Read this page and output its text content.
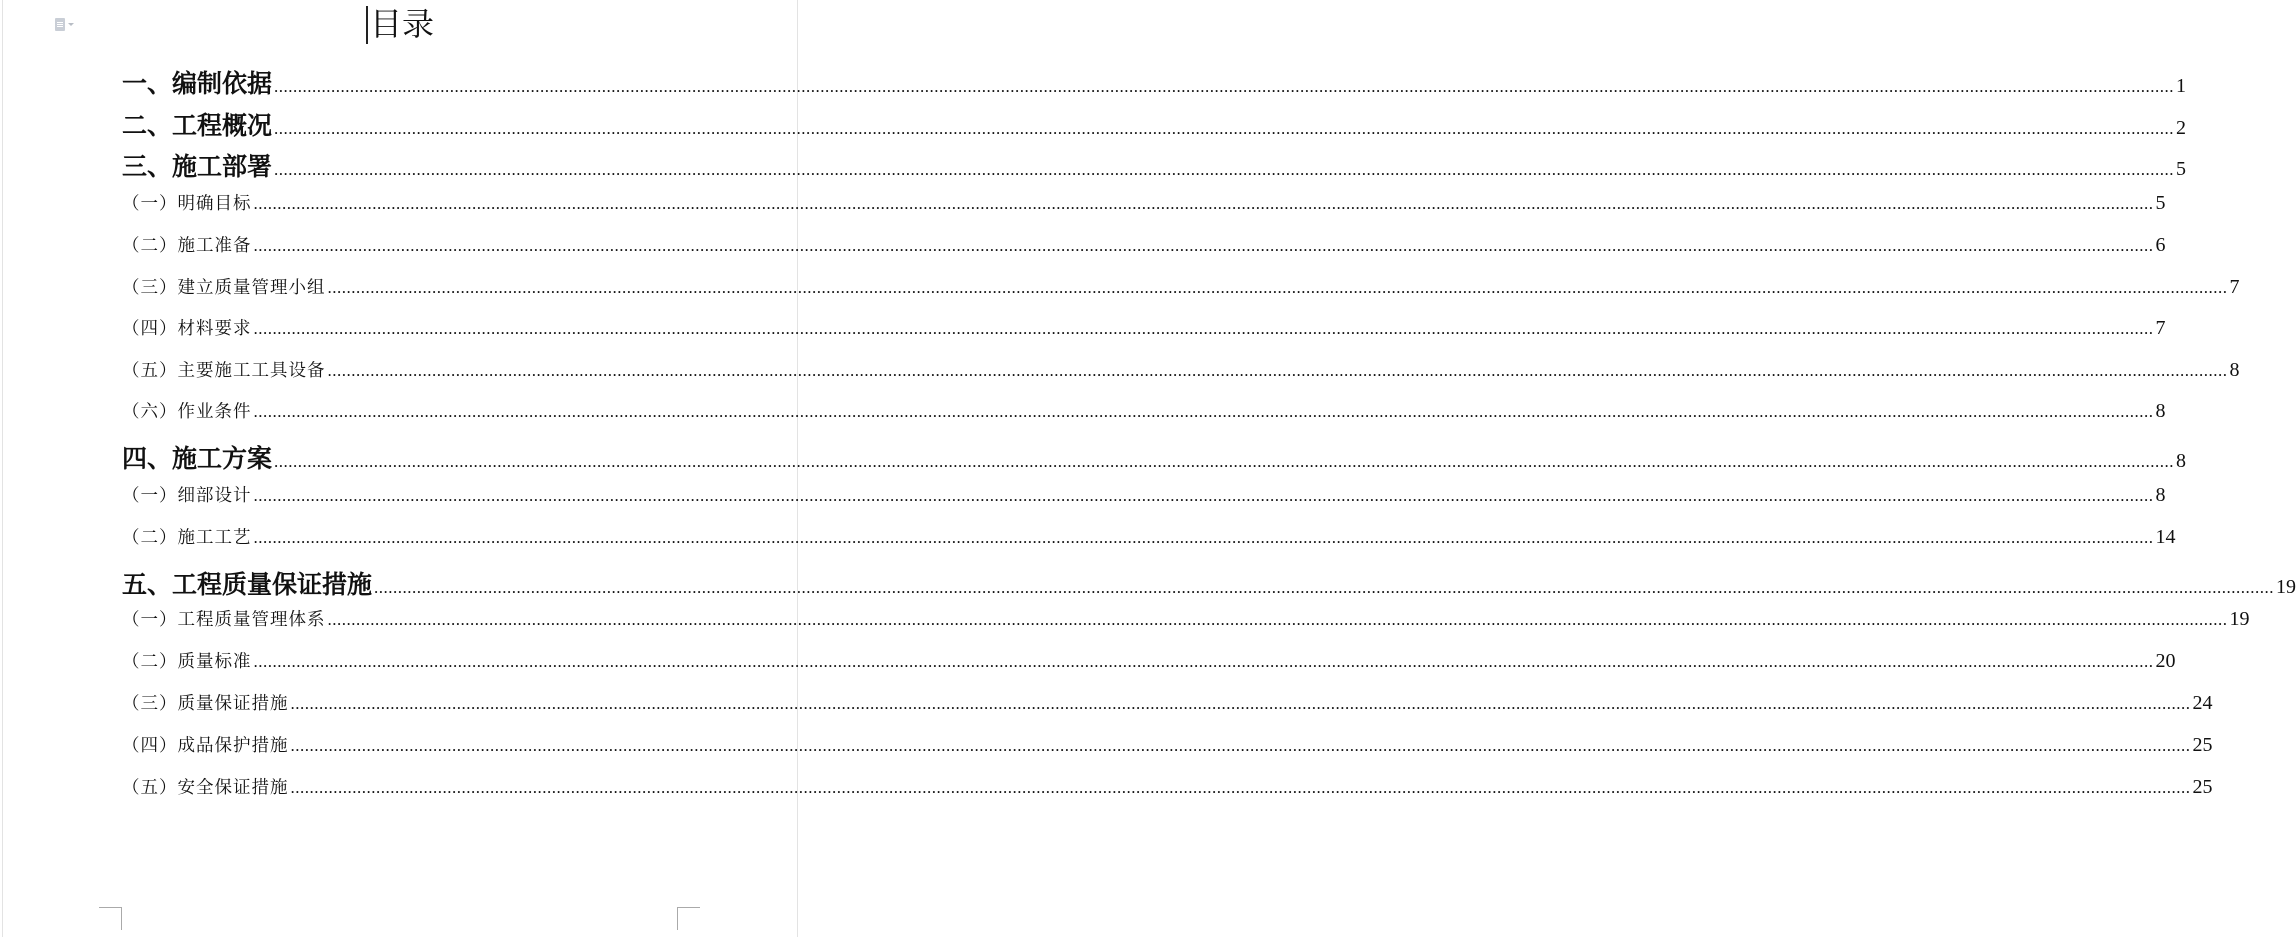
目录
一、编制依据 ................................................................................................................................................................................................................................................................................................................................................................................................................ 1
二、工程概况 ................................................................................................................................................................................................................................................................................................................................................................................................................ 2
三、施工部署 ................................................................................................................................................................................................................................................................................................................................................................................................................ 5
（一）明确目标 ................................................................................................................................................................................................................................................................................................................................................................................................................ 5
（二）施工准备 ................................................................................................................................................................................................................................................................................................................................................................................................................ 6
（三）建立质量管理小组 ................................................................................................................................................................................................................................................................................................................................................................................................................ 7
（四）材料要求 ................................................................................................................................................................................................................................................................................................................................................................................................................ 7
（五）主要施工工具设备 ................................................................................................................................................................................................................................................................................................................................................................................................................ 8
（六）作业条件 ................................................................................................................................................................................................................................................................................................................................................................................................................ 8
四、施工方案 ................................................................................................................................................................................................................................................................................................................................................................................................................ 8
（一）细部设计 ................................................................................................................................................................................................................................................................................................................................................................................................................ 8
（二）施工工艺 ................................................................................................................................................................................................................................................................................................................................................................................................................ 14
五、工程质量保证措施 ................................................................................................................................................................................................................................................................................................................................................................................................................ 19
（一）工程质量管理体系 ................................................................................................................................................................................................................................................................................................................................................................................................................ 19
（二）质量标准 ................................................................................................................................................................................................................................................................................................................................................................................................................ 20
（三）质量保证措施 ................................................................................................................................................................................................................................................................................................................................................................................................................ 24
（四）成品保护措施 ................................................................................................................................................................................................................................................................................................................................................................................................................ 25
（五）安全保证措施 ................................................................................................................................................................................................................................................................................................................................................................................................................ 25
